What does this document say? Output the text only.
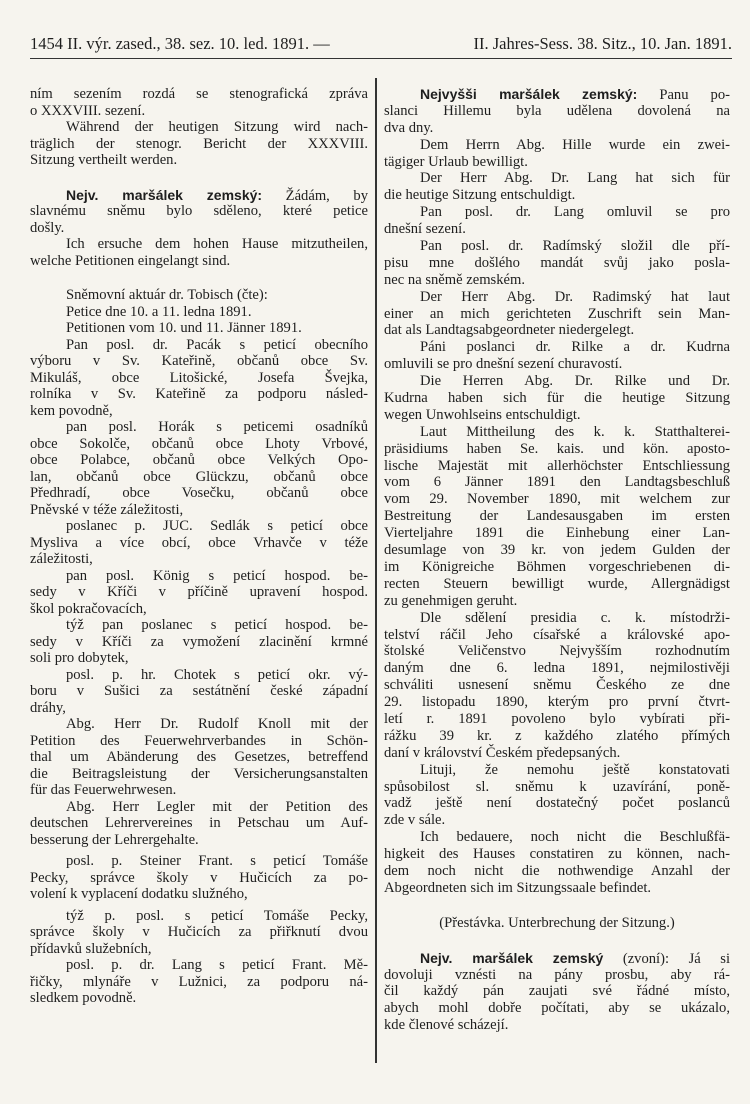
1454 II. výr. zased., 38. sez. 10. led. 1891. —	II. Jahres-Sess. 38. Sitz., 10. Jan. 1891.
ním sezením rozdá se stenografická zpráva
o XXXVIII. sezení.
Während der heutigen Sitzung wird nach-
träglich der stenogr. Bericht der XXXVIII.
Sitzung vertheilt werden.
Nejv. maršálek zemský: Žádám, by
slavnému sněmu bylo sděleno, které petice
došly.
Ich ersuche dem hohen Hause mitzutheilen,
welche Petitionen eingelangt sind.
Sněmovní aktuár dr. Tobisch (čte):
Petice dne 10. a 11. ledna 1891.
Petitionen vom 10. und 11. Jänner 1891.
Pan posl. dr. Pacák s peticí obecního
výboru v Sv. Kateřině, občanů obce Sv.
Mikuláš, obce Litošické, Josefa Švejka,
rolníka v Sv. Kateřině za podporu násled-
kem povodně,
pan posl. Horák s peticemi osadníků
obce Sokolče, občanů obce Lhoty Vrbové,
obce Polabce, občanů obce Velkých Opo-
lan, občanů obce Glückzu, občanů obce
Předhradí, obce Vosečku, občanů obce
Pněvské v téže záležitosti,
poslanec p. JUC. Sedlák s peticí obce
Mysliva a více obcí, obce Vrhavče v téže
záležitosti,
pan posl. König s peticí hospod. be-
sedy v Kříči v příčině upravení hospod.
škol pokračovacích,
týž pan poslanec s peticí hospod. be-
sedy v Kříči za vymožení zlacinění krmné
soli pro dobytek,
posl. p. hr. Chotek s peticí okr. vý-
boru v Sušici za sestátnění české západní
dráhy,
Abg. Herr Dr. Rudolf Knoll mit der
Petition des Feuerwehrverbandes in Schön-
thal um Abänderung des Gesetzes, betreffend
die Beitragsleistung der Versicherungsanstalten
für das Feuerwehrwesen.
Abg. Herr Legler mit der Petition des
deutschen Lehrervereines in Petschau um Auf-
besserung der Lehrergehalte.
posl. p. Steiner Frant. s peticí Tomáše
Pecky, správce školy v Hučicích za po-
volení k vyplacení dodatku služného,
týž p. posl. s peticí Tomáše Pecky,
správce školy v Hučicích za přiřknutí dvou
přídavků služebních,
posl. p. dr. Lang s peticí Frant. Mě-
řičky, mlynáře v Lužnici, za podporu ná-
sledkem povodně.
Nejvyšši maršálek zemský: Panu po-
slanci Hillemu byla udělena dovolená na
dva dny.
Dem Herrn Abg. Hille wurde ein zwei-
tägiger Urlaub bewilligt.
Der Herr Abg. Dr. Lang hat sich für
die heutige Sitzung entschuldigt.
Pan posl. dr. Lang omluvil se pro
dnešní sezení.
Pan posl. dr. Radímský složil dle pří-
pisu mne došlého mandát svůj jako posla-
nec na sněmě zemském.
Der Herr Abg. Dr. Radimský hat laut
einer an mich gerichteten Zuschrift sein Man-
dat als Landtagsabgeordneter niedergelegt.
Páni poslanci dr. Rilke a dr. Kudrna
omluvili se pro dnešní sezení churavostí.
Die Herren Abg. Dr. Rilke und Dr.
Kudrna haben sich für die heutige Sitzung
wegen Unwohlseins entschuldigt.
Laut Mittheilung des k. k. Statthalterei-
präsidiums haben Se. kais. und kön. aposto-
lische Majestät mit allerhöchster Entschliessung
vom 6 Jänner 1891 den Landtagsbeschluß
vom 29. November 1890, mit welchem zur
Bestreitung der Landesausgaben im ersten
Vierteljahre 1891 die Einhebung einer Lan-
desumlage von 39 kr. von jedem Gulden der
im Königreiche Böhmen vorgeschriebenen di-
recten Steuern bewilligt wurde, Allergnädigst
zu genehmigen geruht.
Dle sdělení presidia c. k. místodrži-
telství ráčil Jeho císařské a královské apo-
štolské Veličenstvo Nejvyšším rozhodnutím
daným dne 6. ledna 1891, nejmilostivěji
schváliti usnesení sněmu Českého ze dne
29. listopadu 1890, kterým pro první čtvrt-
letí r. 1891 povoleno bylo vybírati při-
rážku 39 kr. z každého zlatého přímých
daní v království Českém předepsaných.
Lituji, že nemohu ještě konstatovati
spůsobilost sl. sněmu k uzavírání, poně-
vadž ještě není dostatečný počet poslanců
zde v sále.
Ich bedauere, noch nicht die Beschlußfä-
higkeit des Hauses constatiren zu können, nach-
dem noch nicht die nothwendige Anzahl der
Abgeordneten sich im Sitzungssaale befindet.
(Přestávka. Unterbrechung der Sitzung.)
Nejv. maršálek zemský (zvoní): Já si
dovoluji vznésti na pány prosbu, aby rá-
čil každý pán zaujati své řádné místo,
abych mohl dobře počítati, aby se ukázalo,
kde členové scházejí.
